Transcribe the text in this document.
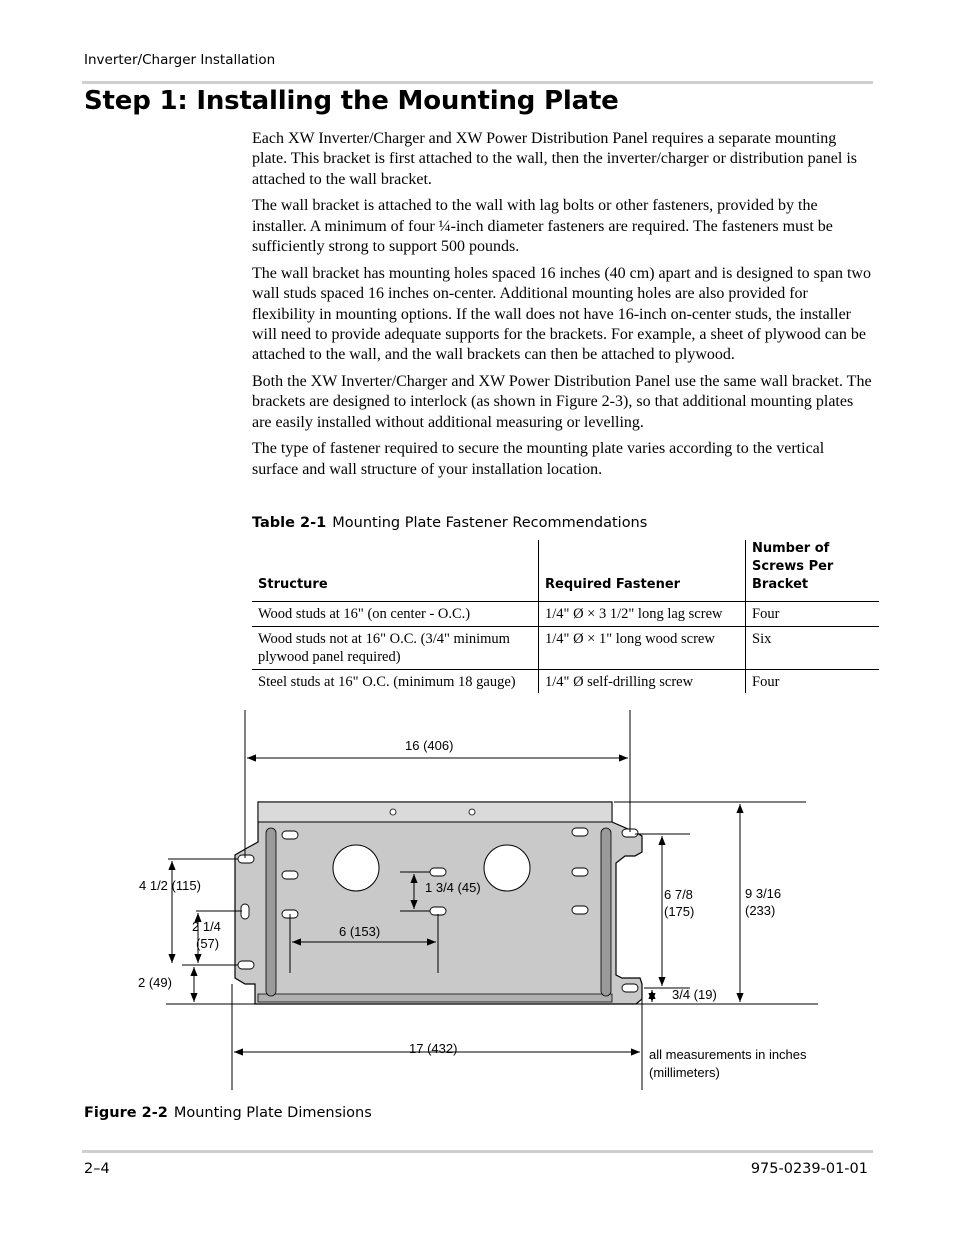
Inverter/Charger Installation
Step 1: Installing the Mounting Plate

Each XW Inverter/Charger and XW Power Distribution Panel requires a separate mounting plate. This bracket is first attached to the wall, then the inverter/charger or distribution panel is attached to the wall bracket.

The wall bracket is attached to the wall with lag bolts or other fasteners, provided by the installer. A minimum of four ¼-inch diameter fasteners are required. The fasteners must be sufficiently strong to support 500 pounds.

The wall bracket has mounting holes spaced 16 inches (40 cm) apart and is designed to span two wall studs spaced 16 inches on-center. Additional mounting holes are also provided for flexibility in mounting options. If the wall does not have 16-inch on-center studs, the installer will need to provide adequate supports for the brackets. For example, a sheet of plywood can be attached to the wall, and the wall brackets can then be attached to plywood.

Both the XW Inverter/Charger and XW Power Distribution Panel use the same wall bracket. The brackets are designed to interlock (as shown in Figure 2-3), so that additional mounting plates are easily installed without additional measuring or levelling.

The type of fastener required to secure the mounting plate varies according to the vertical surface and wall structure of your installation location.

Table 2-1 Mounting Plate Fastener Recommendations
Structure	Required Fastener	Number of Screws Per Bracket
Wood studs at 16" (on center - O.C.)	1/4" Ø × 3 1/2" long lag screw	Four
Wood studs not at 16" O.C. (3/4" minimum plywood panel required)	1/4" Ø × 1" long wood screw	Six
Steel studs at 16" O.C. (minimum 18 gauge)	1/4" Ø self-drilling screw	Four
16 (406)
17 (432)
4 1/2 (115)
2 1/4
(57)
2 (49)
1 3/4 (45)
6 (153)
6 7/8
(175)
9 3/16
(233)
3/4 (19)
all measurements in inches
(millimeters)
Figure 2-2 Mounting Plate Dimensions
2–4	975-0239-01-01
